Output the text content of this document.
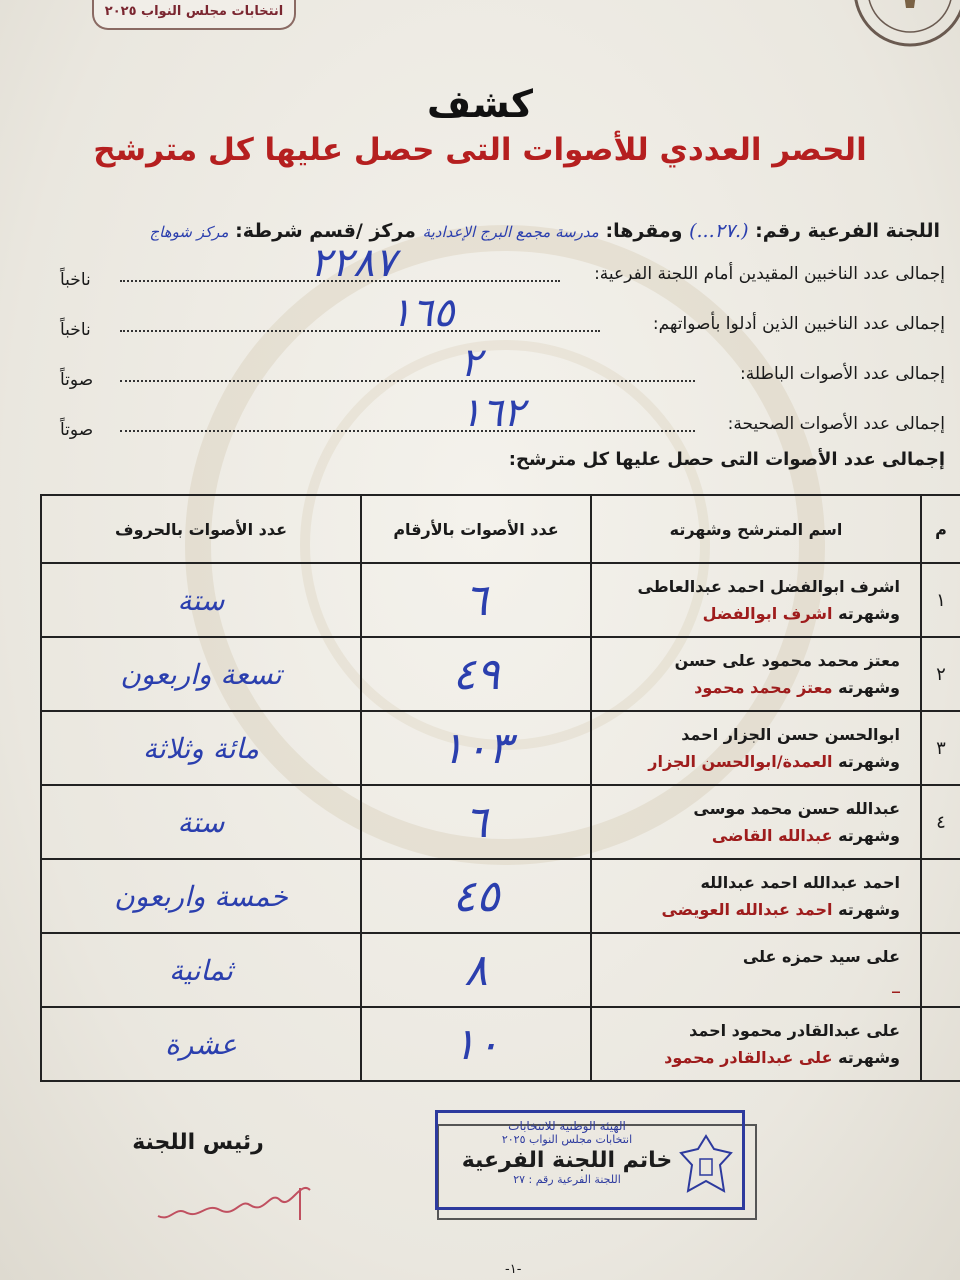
انتخابات مجلس النواب ٢٠٢٥
كشف
الحصر العددي للأصوات التى حصل عليها كل مترشح
اللجنة الفرعية رقم: (.٢٧...) ومقرها: مدرسة مجمع البرج الإعدادية مركز /قسم شرطة: مركز شوهاج
إجمالى عدد الناخبين المقيدين أمام اللجنة الفرعية:
٢٢٨٧
ناخباً
إجمالى عدد الناخبين الذين أدلوا بأصواتهم:
١٦٥
ناخباً
إجمالى عدد الأصوات الباطلة:
٢
صوتاً
إجمالى عدد الأصوات الصحيحة:
١٦٢
صوتاً
إجمالى عدد الأصوات التى حصل عليها كل مترشح:
م	اسم المترشح وشهرته	عدد الأصوات بالأرقام	عدد الأصوات بالحروف
١	اشرف ابوالفضل احمد عبدالعاطى
وشهرته اشرف ابوالفضل	٦	ستة
٢	معتز محمد محمود على حسن
وشهرته معتز محمد محمود	٤٩	تسعة واربعون
٣	ابوالحسن حسن الجزار احمد
وشهرته العمدة/ابوالحسن الجزار	١٠٣	مائة وثلاثة
٤	عبدالله حسن محمد موسى
وشهرته عبدالله القاضى	٦	ستة

	احمد عبدالله احمد عبدالله
وشهرته احمد عبدالله العويضى	٤٥	خمسة واربعون

	على سيد حمزه على
_	٨	ثمانية

	على عبدالقادر محمود احمد
وشهرته على عبدالقادر محمود	١٠	عشرة
رئيس اللجنة
الهيئة الوطنية للانتخابات
انتخابات مجلس النواب ٢٠٢٥
خاتم اللجنة الفرعية
اللجنة الفرعية رقم : ٢٧
-١-
